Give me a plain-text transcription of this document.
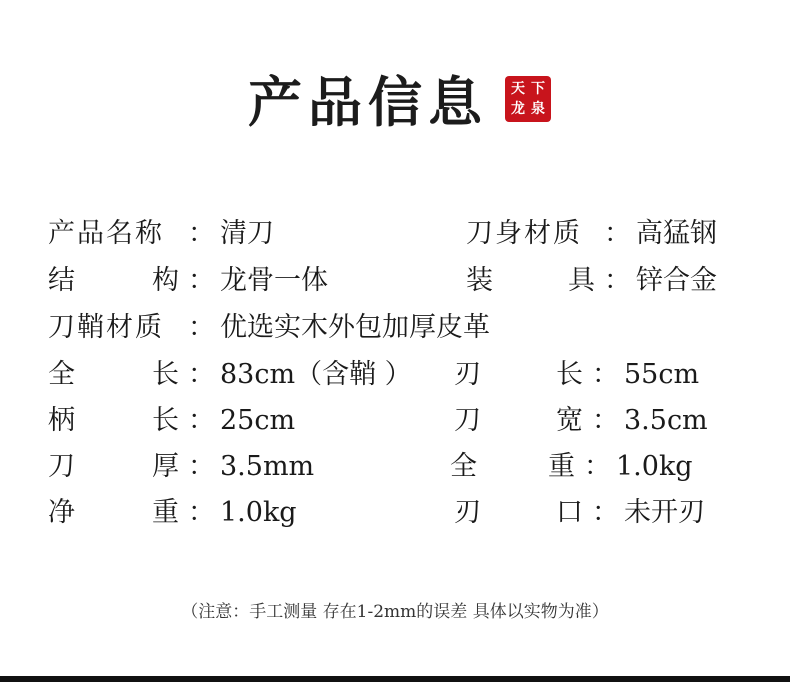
产品信息 天 下
龙 泉
产品名称 ： 清刀	刀身材质 ： 高猛钢
结	构 ： 龙骨一体	装	具 ： 锌合金
刀鞘材质 ： 优选实木外包加厚皮革
全	长 ： 83cm（含鞘 ） 刃	长 ： 55cm
柄	长 ： 25cm	刀	宽 ： 3.5cm
刀	厚 ： 3.5mm	全	重 ： 1.0kg
净	重 ： 1.0kg	刃	口 ： 未开刃
（注意：手工测量 存在1-2mm的误差 具体以实物为准）
